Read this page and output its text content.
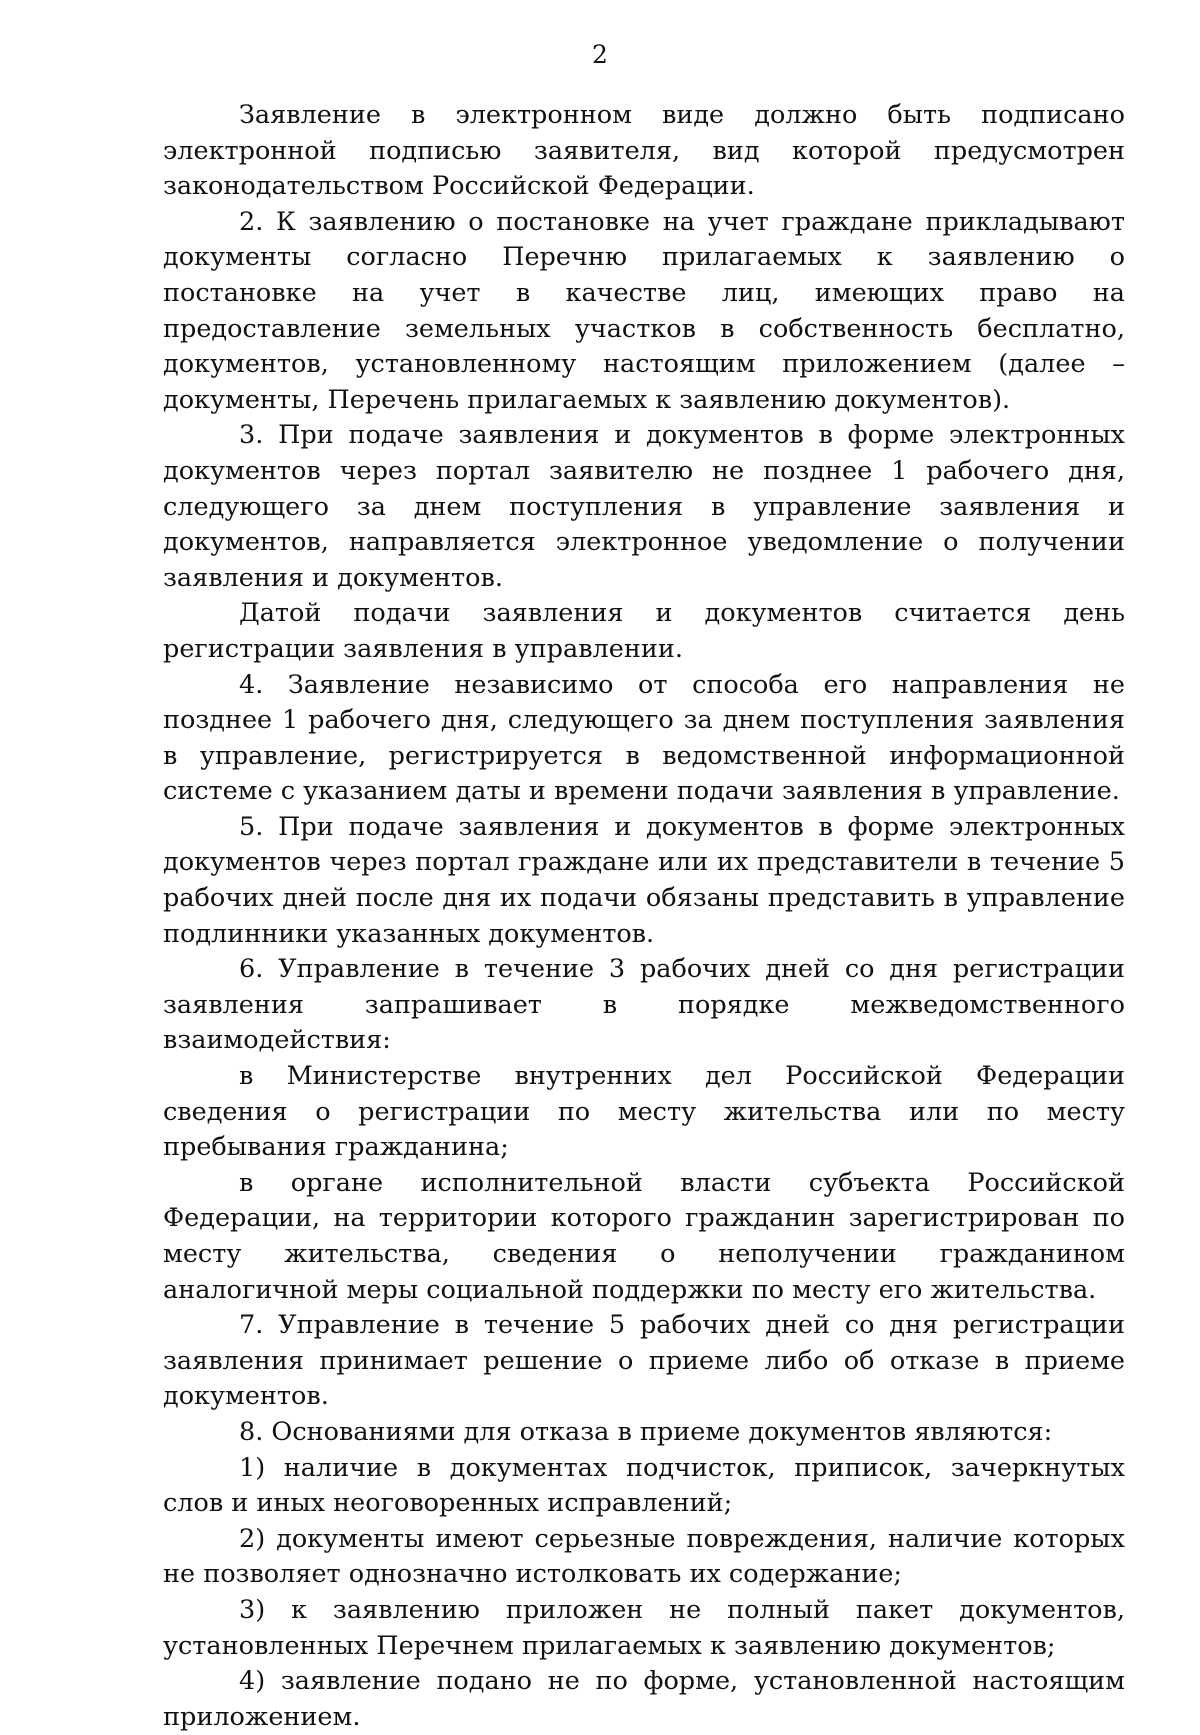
2

Заявление в электронном виде должно быть подписано электронной подписью заявителя, вид которой предусмотрен законодательством Российской Федерации.

2. К заявлению о постановке на учет граждане прикладывают документы согласно Перечню прилагаемых к заявлению о постановке на учет в качестве лиц, имеющих право на предоставление земельных участков в собственность бесплатно, документов, установленному настоящим приложением (далее – документы, Перечень прилагаемых к заявлению документов).

3. При подаче заявления и документов в форме электронных документов через портал заявителю не позднее 1 рабочего дня, следующего за днем поступления в управление заявления и документов, направляется электронное уведомление о получении заявления и документов.

Датой подачи заявления и документов считается день регистрации заявления в управлении.

4. Заявление независимо от способа его направления не позднее 1 рабочего дня, следующего за днем поступления заявления в управление, регистрируется в ведомственной информационной системе с указанием даты и времени подачи заявления в управление.

5. При подаче заявления и документов в форме электронных документов через портал граждане или их представители в течение 5 рабочих дней после дня их подачи обязаны представить в управление подлинники указанных документов.

6. Управление в течение 3 рабочих дней со дня регистрации заявления запрашивает в порядке межведомственного взаимодействия:

в Министерстве внутренних дел Российской Федерации сведения о регистрации по месту жительства или по месту пребывания гражданина;

в органе исполнительной власти субъекта Российской Федерации, на территории которого гражданин зарегистрирован по месту жительства, сведения о неполучении гражданином аналогичной меры социальной поддержки по месту его жительства.

7. Управление в течение 5 рабочих дней со дня регистрации заявления принимает решение о приеме либо об отказе в приеме документов.

8. Основаниями для отказа в приеме документов являются:

1) наличие в документах подчисток, приписок, зачеркнутых слов и иных неоговоренных исправлений;

2) документы имеют серьезные повреждения, наличие которых не позволяет однозначно истолковать их содержание;

3) к заявлению приложен не полный пакет документов, установленных Перечнем прилагаемых к заявлению документов;

4) заявление подано не по форме, установленной настоящим приложением.
